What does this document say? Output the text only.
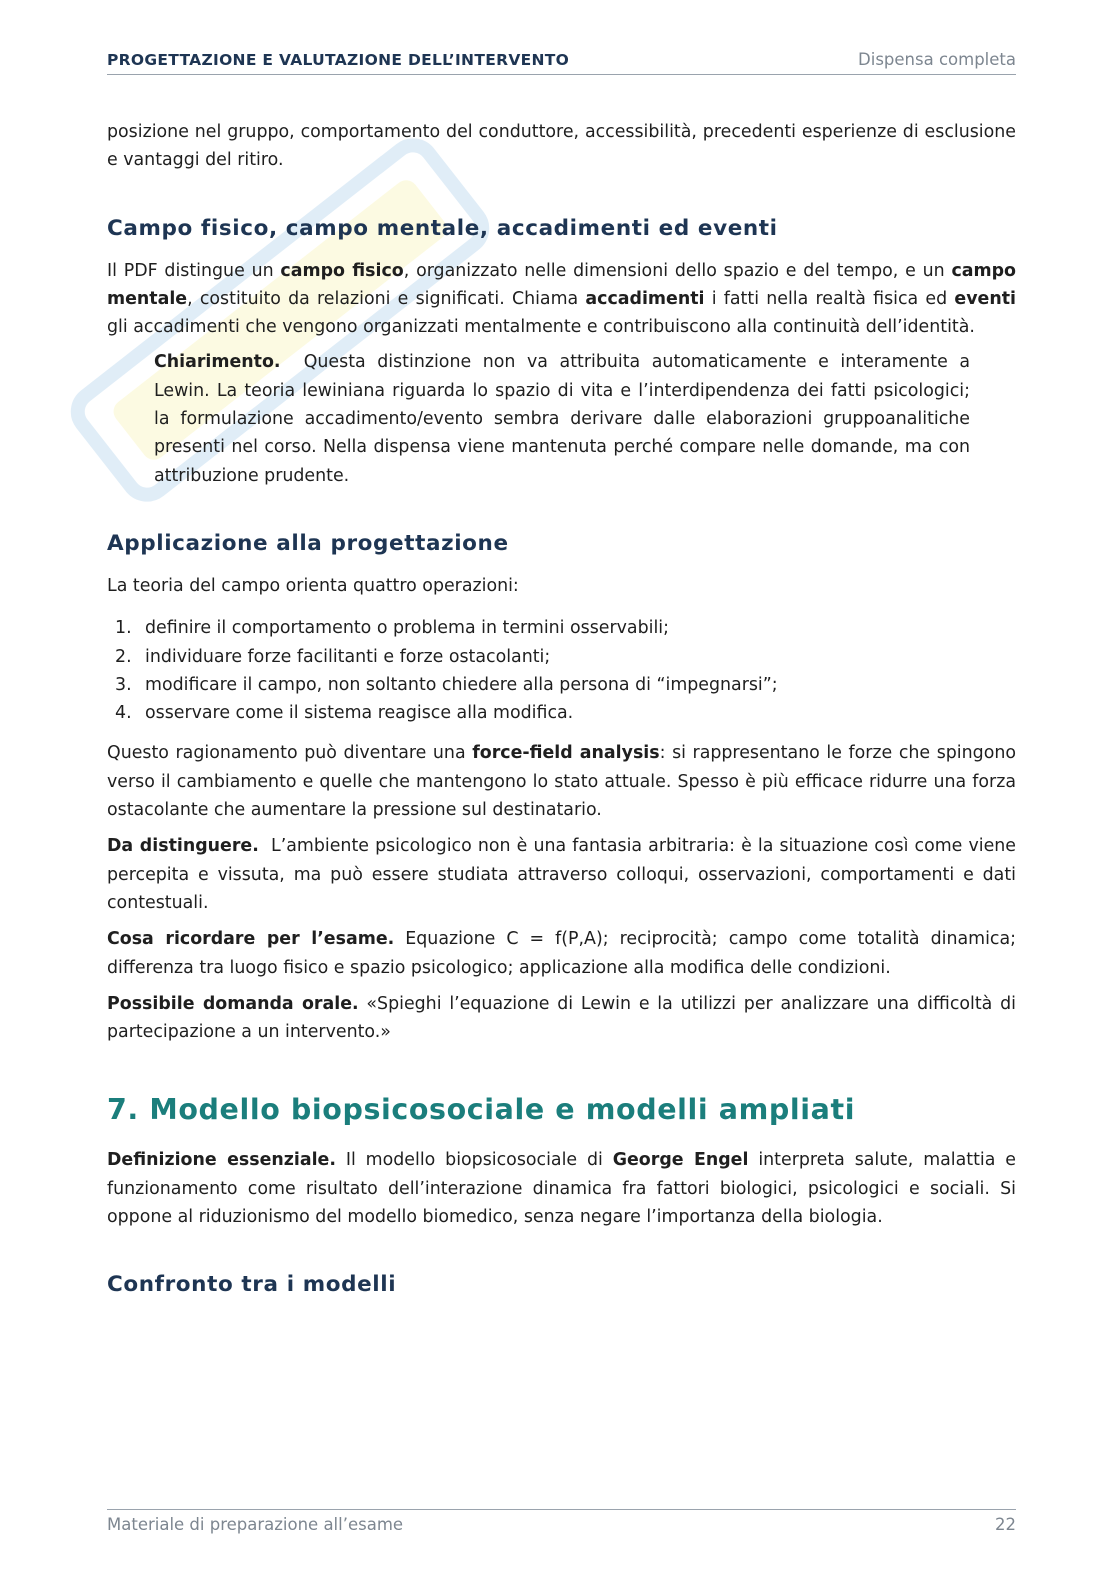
PROGETTAZIONE E VALUTAZIONE DELL’INTERVENTO	Dispensa completa

posizione nel gruppo, comportamento del conduttore, accessibilità, precedenti esperienze di esclusione e vantaggi del ritiro.

Campo fisico, campo mentale, accadimenti ed eventi

Il PDF distingue un campo fisico, organizzato nelle dimensioni dello spazio e del tempo, e un campo mentale, costituito da relazioni e significati. Chiama accadimenti i fatti nella realtà fisica ed eventi gli accadimenti che vengono organizzati mentalmente e contribuiscono alla continuità dell’identità.

Chiarimento. Questa distinzione non va attribuita automaticamente e interamente a Lewin. La teoria lewiniana riguarda lo spazio di vita e l’interdipendenza dei fatti psicologici; la formulazione accadimento/evento sembra derivare dalle elaborazioni gruppoanalitiche presenti nel corso. Nella dispensa viene mantenuta perché compare nelle domande, ma con attribuzione prudente.

Applicazione alla progettazione

La teoria del campo orienta quattro operazioni:

1. definire il comportamento o problema in termini osservabili;
2. individuare forze facilitanti e forze ostacolanti;
3. modificare il campo, non soltanto chiedere alla persona di “impegnarsi”;
4. osservare come il sistema reagisce alla modifica.

Questo ragionamento può diventare una force-field analysis: si rappresentano le forze che spingono verso il cambiamento e quelle che mantengono lo stato attuale. Spesso è più efficace ridurre una forza ostacolante che aumentare la pressione sul destinatario.

Da distinguere. L’ambiente psicologico non è una fantasia arbitraria: è la situazione così come viene percepita e vissuta, ma può essere studiata attraverso colloqui, osservazioni, comportamenti e dati contestuali.

Cosa ricordare per l’esame. Equazione C = f(P,A); reciprocità; campo come totalità dinamica; differenza tra luogo fisico e spazio psicologico; applicazione alla modifica delle condizioni.

Possibile domanda orale. «Spieghi l’equazione di Lewin e la utilizzi per analizzare una difficoltà di partecipazione a un intervento.»

7. Modello biopsicosociale e modelli ampliati

Definizione essenziale. Il modello biopsicosociale di George Engel interpreta salute, malattia e funzionamento come risultato dell’interazione dinamica fra fattori biologici, psicologici e sociali. Si oppone al riduzionismo del modello biomedico, senza negare l’importanza della biologia.

Confronto tra i modelli
Materiale di preparazione all’esame	22
